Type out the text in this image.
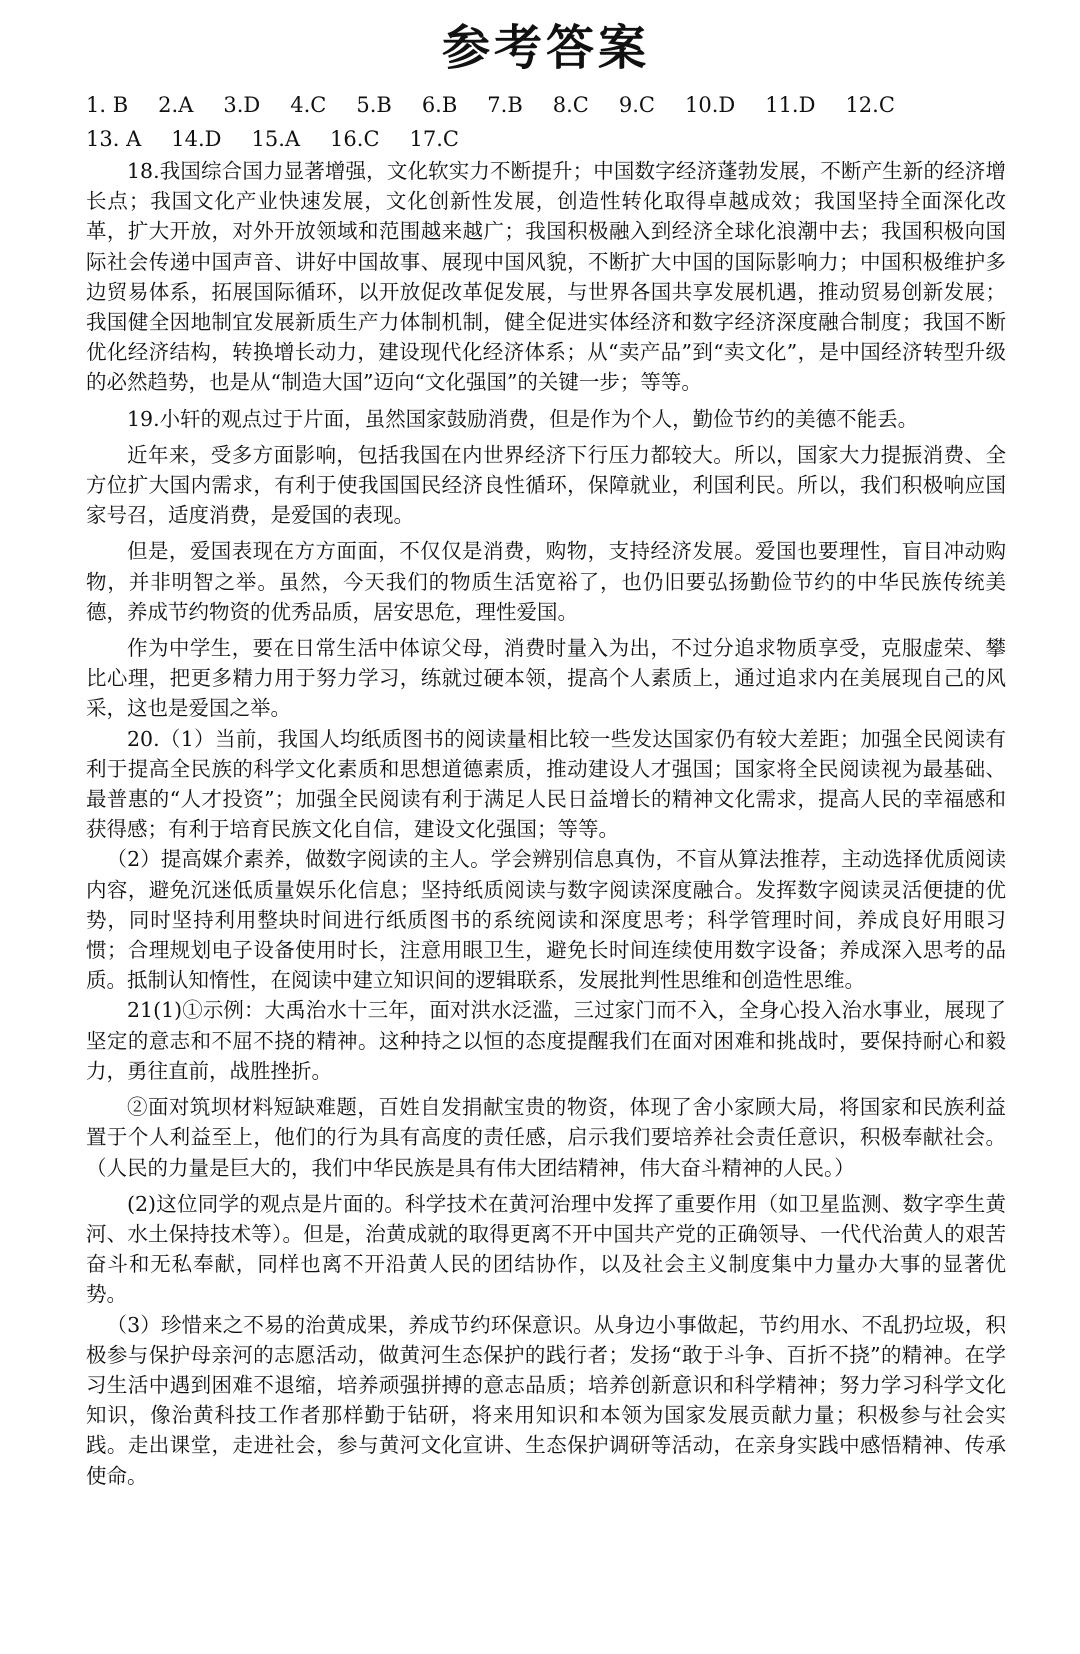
参考答案
1. B 2.A 3.D 4.C 5.B 6.B 7.B 8.C 9.C 10.D 11.D 12.C
13. A 14.D 15.A 16.C 17.C

18.我国综合国力显著增强，文化软实力不断提升；中国数字经济蓬勃发展，不断产生新的经济增长点；我国文化产业快速发展，文化创新性发展，创造性转化取得卓越成效；我国坚持全面深化改革，扩大开放，对外开放领域和范围越来越广；我国积极融入到经济全球化浪潮中去；我国积极向国际社会传递中国声音、讲好中国故事、展现中国风貌，不断扩大中国的国际影响力；中国积极维护多边贸易体系，拓展国际循环，以开放促改革促发展，与世界各国共享发展机遇，推动贸易创新发展；我国健全因地制宜发展新质生产力体制机制，健全促进实体经济和数字经济深度融合制度；我国不断优化经济结构，转换增长动力，建设现代化经济体系；从“卖产品”到“卖文化”，是中国经济转型升级的必然趋势，也是从“制造大国”迈向“文化强国”的关键一步；等等。

19.小轩的观点过于片面，虽然国家鼓励消费，但是作为个人，勤俭节约的美德不能丢。

近年来，受多方面影响，包括我国在内世界经济下行压力都较大。所以，国家大力提振消费、全方位扩大国内需求，有利于使我国国民经济良性循环，保障就业，利国利民。所以，我们积极响应国家号召，适度消费，是爱国的表现。

但是，爱国表现在方方面面，不仅仅是消费，购物，支持经济发展。爱国也要理性，盲目冲动购物，并非明智之举。虽然，今天我们的物质生活宽裕了，也仍旧要弘扬勤俭节约的中华民族传统美德，养成节约物资的优秀品质，居安思危，理性爱国。

作为中学生，要在日常生活中体谅父母，消费时量入为出，不过分追求物质享受，克服虚荣、攀比心理，把更多精力用于努力学习，练就过硬本领，提高个人素质上，通过追求内在美展现自己的风采，这也是爱国之举。

20.（1）当前，我国人均纸质图书的阅读量相比较一些发达国家仍有较大差距；加强全民阅读有利于提高全民族的科学文化素质和思想道德素质，推动建设人才强国；国家将全民阅读视为最基础、最普惠的“人才投资”；加强全民阅读有利于满足人民日益增长的精神文化需求，提高人民的幸福感和获得感；有利于培育民族文化自信，建设文化强国；等等。

（2）提高媒介素养，做数字阅读的主人。学会辨别信息真伪，不盲从算法推荐，主动选择优质阅读内容，避免沉迷低质量娱乐化信息；坚持纸质阅读与数字阅读深度融合。发挥数字阅读灵活便捷的优势，同时坚持利用整块时间进行纸质图书的系统阅读和深度思考；科学管理时间，养成良好用眼习惯；合理规划电子设备使用时长，注意用眼卫生，避免长时间连续使用数字设备；养成深入思考的品质。抵制认知惰性，在阅读中建立知识间的逻辑联系，发展批判性思维和创造性思维。

21(1)①示例：大禹治水十三年，面对洪水泛滥，三过家门而不入，全身心投入治水事业，展现了坚定的意志和不屈不挠的精神。这种持之以恒的态度提醒我们在面对困难和挑战时，要保持耐心和毅力，勇往直前，战胜挫折。

②面对筑坝材料短缺难题，百姓自发捐献宝贵的物资，体现了舍小家顾大局，将国家和民族利益置于个人利益至上，他们的行为具有高度的责任感，启示我们要培养社会责任意识，积极奉献社会。（人民的力量是巨大的，我们中华民族是具有伟大团结精神，伟大奋斗精神的人民。）

(2)这位同学的观点是片面的。科学技术在黄河治理中发挥了重要作用（如卫星监测、数字孪生黄河、水土保持技术等）。但是，治黄成就的取得更离不开中国共产党的正确领导、一代代治黄人的艰苦奋斗和无私奉献，同样也离不开沿黄人民的团结协作，以及社会主义制度集中力量办大事的显著优势。

（3）珍惜来之不易的治黄成果，养成节约环保意识。从身边小事做起，节约用水、不乱扔垃圾，积极参与保护母亲河的志愿活动，做黄河生态保护的践行者；发扬“敢于斗争、百折不挠”的精神。在学习生活中遇到困难不退缩，培养顽强拼搏的意志品质；培养创新意识和科学精神；努力学习科学文化知识，像治黄科技工作者那样勤于钻研，将来用知识和本领为国家发展贡献力量；积极参与社会实践。走出课堂，走进社会，参与黄河文化宣讲、生态保护调研等活动，在亲身实践中感悟精神、传承使命。
